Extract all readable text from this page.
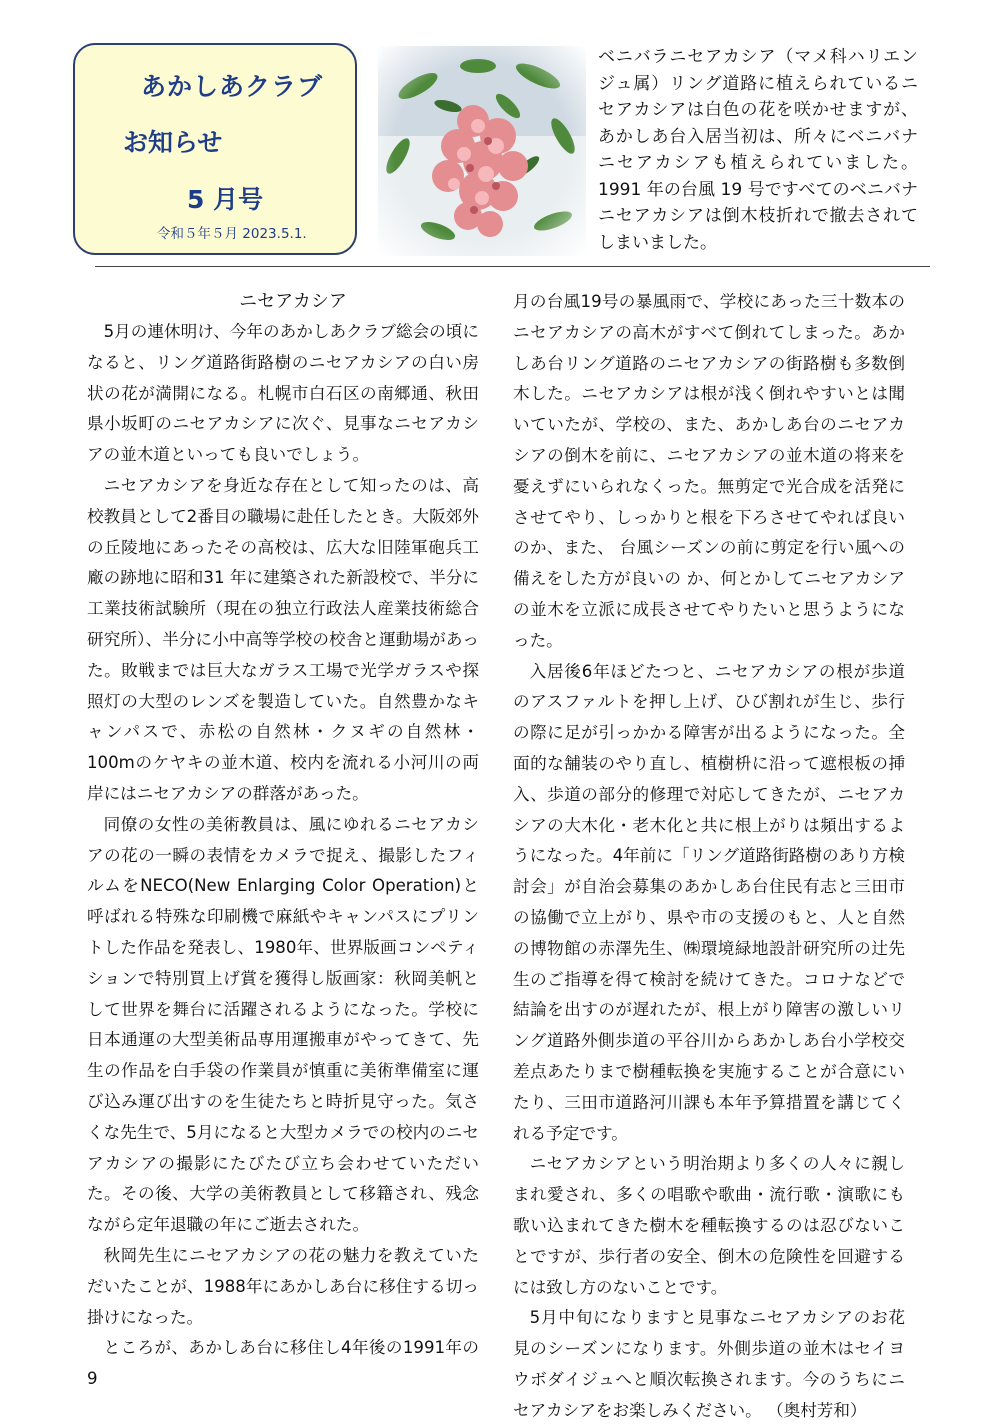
あかしあクラブ
お知らせ
5 月号
令和５年５月 2023.5.1.
ベニバラニセアカシア（マメ科ハリエンジュ属）リング道路に植えられているニセアカシアは白色の花を咲かせますが、あかしあ台入居当初は、所々にベニバナニセアカシアも植えられていました。1991 年の台風 19 号ですべてのベニバナニセアカシアは倒木枝折れで撤去されてしまいました。
ニセアカシア

5月の連休明け、今年のあかしあクラブ総会の頃になると、リング道路街路樹のニセアカシアの白い房状の花が満開になる。札幌市白石区の南郷通、秋田県小坂町のニセアカシアに次ぐ、見事なニセアカシアの並木道といっても良いでしょう。

ニセアカシアを身近な存在として知ったのは、高校教員として2番目の職場に赴任したとき。大阪郊外の丘陵地にあったその高校は、広大な旧陸軍砲兵工廠の跡地に昭和31 年に建築された新設校で、半分に工業技術試験所（現在の独立行政法人産業技術総合研究所）、半分に小中高等学校の校舎と運動場があった。敗戦までは巨大なガラス工場で光学ガラスや探照灯の大型のレンズを製造していた。自然豊かなキャンパスで、赤松の自然林・クヌギの自然林・100mのケヤキの並木道、校内を流れる小河川の両岸にはニセアカシアの群落があった。

同僚の女性の美術教員は、風にゆれるニセアカシアの花の一瞬の表情をカメラで捉え、撮影したフィルムをNECO(New Enlarging Color Operation)と呼ばれる特殊な印刷機で麻紙やキャンパスにプリントした作品を発表し、1980年、世界版画コンペティションで特別買上げ賞を獲得し版画家：秋岡美帆として世界を舞台に活躍されるようになった。学校に日本通運の大型美術品専用運搬車がやってきて、先生の作品を白手袋の作業員が慎重に美術準備室に運び込み運び出すのを生徒たちと時折見守った。気さくな先生で、5月になると大型カメラでの校内のニセアカシアの撮影にたびたび立ち会わせていただいた。その後、大学の美術教員として移籍され、残念ながら定年退職の年にご逝去された。

秋岡先生にニセアカシアの花の魅力を教えていただいたことが、1988年にあかしあ台に移住する切っ掛けになった。

ところが、あかしあ台に移住し4年後の1991年の9

月の台風19号の暴風雨で、学校にあった三十数本のニセアカシアの高木がすべて倒れてしまった。あかしあ台リング道路のニセアカシアの街路樹も多数倒木した。ニセアカシアは根が浅く倒れやすいとは聞いていたが、学校の、また、あかしあ台のニセアカシアの倒木を前に、ニセアカシアの並木道の将来を憂えずにいられなくった。無剪定で光合成を活発にさせてやり、しっかりと根を下ろさせてやれば良いのか、また、 台風シーズンの前に剪定を行い風への備えをした方が良いの か、何とかしてニセアカシアの並木を立派に成長させてやりたいと思うようになった。

入居後6年ほどたつと、ニセアカシアの根が歩道のアスファルトを押し上げ、ひび割れが生じ、歩行の際に足が引っかかる障害が出るようになった。全面的な舗装のやり直し、植樹枡に沿って遮根板の挿入、歩道の部分的修理で対応してきたが、ニセアカシアの大木化・老木化と共に根上がりは頻出するようになった。4年前に「リング道路街路樹のあり方検討会」が自治会募集のあかしあ台住民有志と三田市の協働で立上がり、県や市の支援のもと、人と自然の博物館の赤澤先生、㈱環境緑地設計研究所の辻先生のご指導を得て検討を続けてきた。コロナなどで結論を出すのが遅れたが、根上がり障害の激しいリング道路外側歩道の平谷川からあかしあ台小学校交差点あたりまで樹種転換を実施することが合意にいたり、三田市道路河川課も本年予算措置を講じてくれる予定です。

ニセアカシアという明治期より多くの人々に親しまれ愛され、多くの唱歌や歌曲・流行歌・演歌にも歌い込まれてきた樹木を種転換するのは忍びないことですが、歩行者の安全、倒木の危険性を回避するには致し方のないことです。

5月中旬になりますと見事なニセアカシアのお花見のシーズンになります。外側歩道の並木はセイヨウボダイジュへと順次転換されます。今のうちにニセアカシアをお楽しみください。 （奥村芳和）
